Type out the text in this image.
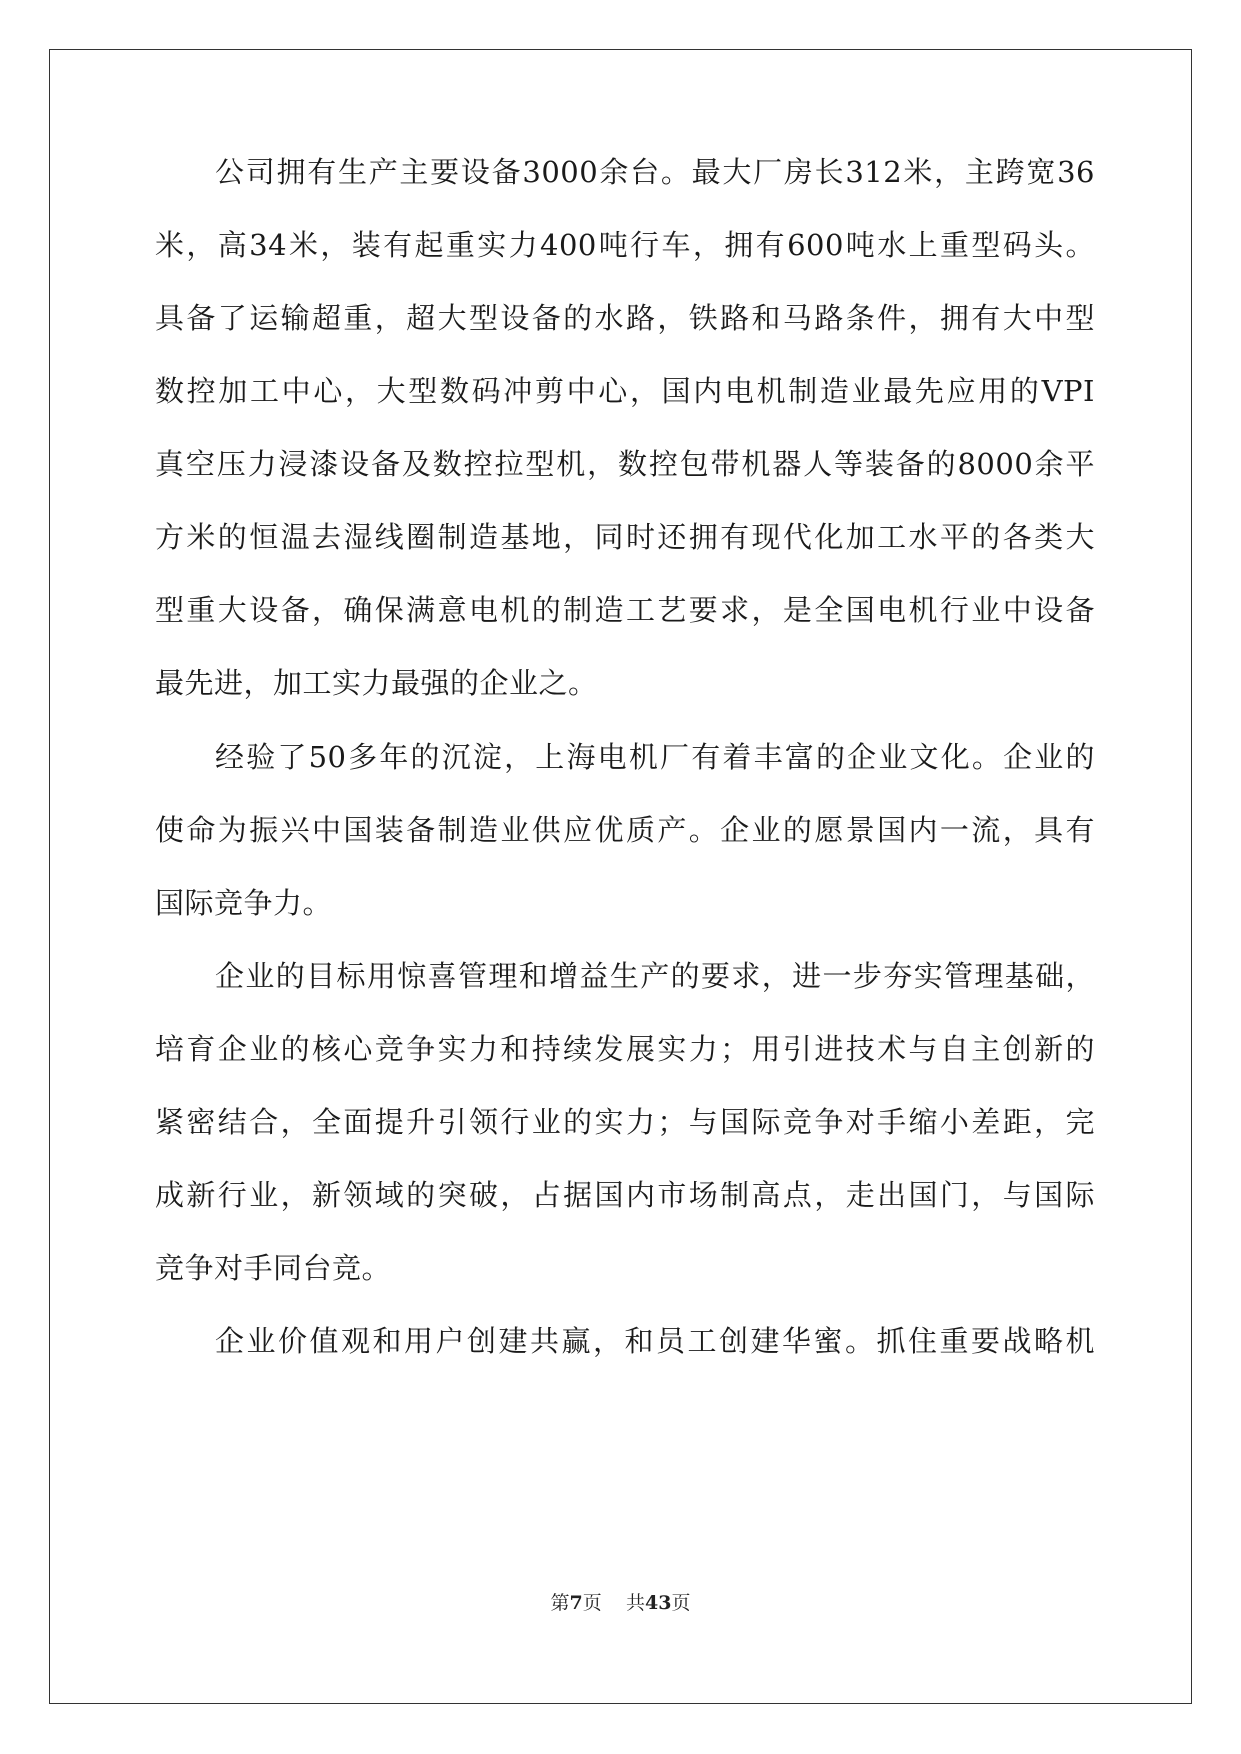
公司拥有生产主要设备3000余台。最大厂房长312米，主跨宽36
米，高34米，装有起重实力400吨行车，拥有600吨水上重型码头。
具备了运输超重，超大型设备的水路，铁路和马路条件，拥有大中型
数控加工中心，大型数码冲剪中心，国内电机制造业最先应用的VPI
真空压力浸漆设备及数控拉型机，数控包带机器人等装备的8000余平
方米的恒温去湿线圈制造基地，同时还拥有现代化加工水平的各类大
型重大设备，确保满意电机的制造工艺要求，是全国电机行业中设备
最先进，加工实力最强的企业之。
经验了50多年的沉淀，上海电机厂有着丰富的企业文化。企业的
使命为振兴中国装备制造业供应优质产。企业的愿景国内一流，具有
国际竞争力。
企业的目标用惊喜管理和增益生产的要求，进一步夯实管理基础，
培育企业的核心竞争实力和持续发展实力；用引进技术与自主创新的
紧密结合，全面提升引领行业的实力；与国际竞争对手缩小差距，完
成新行业，新领域的突破，占据国内市场制高点，走出国门，与国际
竞争对手同台竞。
企业价值观和用户创建共赢，和员工创建华蜜。抓住重要战略机
第7页 共43页
